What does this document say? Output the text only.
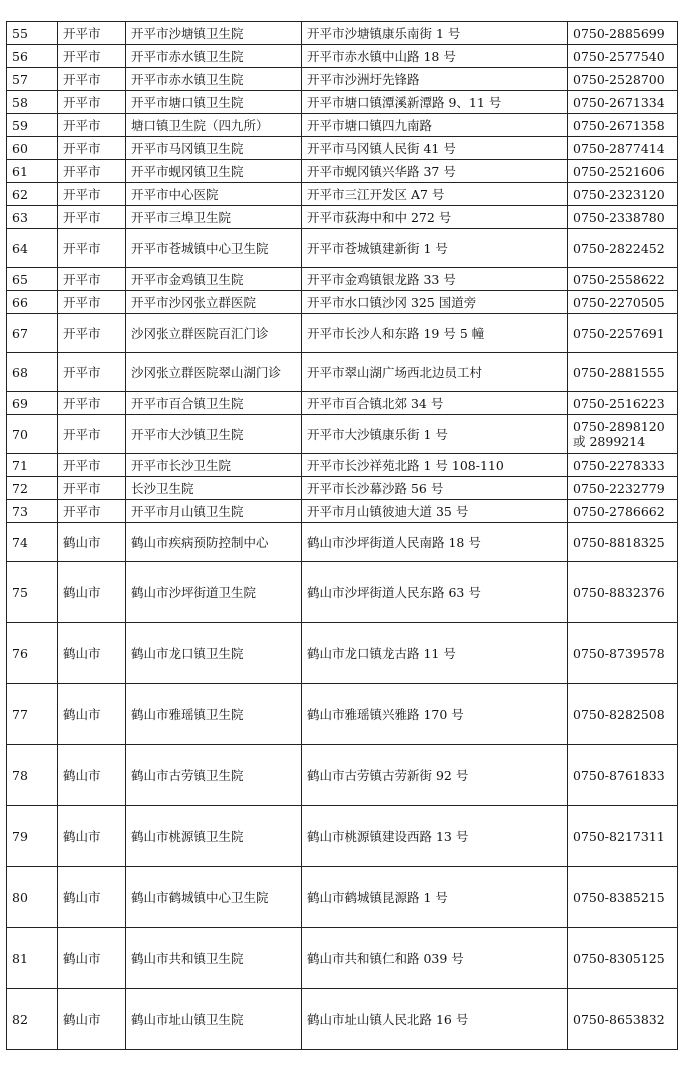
55	开平市	开平市沙塘镇卫生院	开平市沙塘镇康乐南街 1 号	0750-2885699
56	开平市	开平市赤水镇卫生院	开平市赤水镇中山路 18 号	0750-2577540
57	开平市	开平市赤水镇卫生院	开平市沙洲圩先锋路	0750-2528700
58	开平市	开平市塘口镇卫生院	开平市塘口镇潭溪新潭路 9、11 号	0750-2671334
59	开平市	塘口镇卫生院（四九所）	开平市塘口镇四九南路	0750-2671358
60	开平市	开平市马冈镇卫生院	开平市马冈镇人民街 41 号	0750-2877414
61	开平市	开平市蚬冈镇卫生院	开平市蚬冈镇兴华路 37 号	0750-2521606
62	开平市	开平市中心医院	开平市三江开发区 A7 号	0750-2323120
63	开平市	开平市三埠卫生院	开平市荻海中和中 272 号	0750-2338780
64	开平市	开平市苍城镇中心卫生院	开平市苍城镇建新街 1 号	0750-2822452
65	开平市	开平市金鸡镇卫生院	开平市金鸡镇银龙路 33 号	0750-2558622
66	开平市	开平市沙冈张立群医院	开平市水口镇沙冈 325 国道旁	0750-2270505
67	开平市	沙冈张立群医院百汇门诊	开平市长沙人和东路 19 号 5 幢	0750-2257691
68	开平市	沙冈张立群医院翠山湖门诊	开平市翠山湖广场西北边员工村	0750-2881555
69	开平市	开平市百合镇卫生院	开平市百合镇北郊 34 号	0750-2516223
70	开平市	开平市大沙镇卫生院	开平市大沙镇康乐街 1 号	0750-2898120 或 2899214
71	开平市	开平市长沙卫生院	开平市长沙祥苑北路 1 号 108-110	0750-2278333
72	开平市	长沙卫生院	开平市长沙幕沙路 56 号	0750-2232779
73	开平市	开平市月山镇卫生院	开平市月山镇彼迪大道 35 号	0750-2786662
74	鹤山市	鹤山市疾病预防控制中心	鹤山市沙坪街道人民南路 18 号	0750-8818325
75	鹤山市	鹤山市沙坪街道卫生院	鹤山市沙坪街道人民东路 63 号	0750-8832376
76	鹤山市	鹤山市龙口镇卫生院	鹤山市龙口镇龙古路 11 号	0750-8739578
77	鹤山市	鹤山市雅瑶镇卫生院	鹤山市雅瑶镇兴雅路 170 号	0750-8282508
78	鹤山市	鹤山市古劳镇卫生院	鹤山市古劳镇古劳新街 92 号	0750-8761833
79	鹤山市	鹤山市桃源镇卫生院	鹤山市桃源镇建设西路 13 号	0750-8217311
80	鹤山市	鹤山市鹤城镇中心卫生院	鹤山市鹤城镇昆源路 1 号	0750-8385215
81	鹤山市	鹤山市共和镇卫生院	鹤山市共和镇仁和路 039 号	0750-8305125
82	鹤山市	鹤山市址山镇卫生院	鹤山市址山镇人民北路 16 号	0750-8653832
